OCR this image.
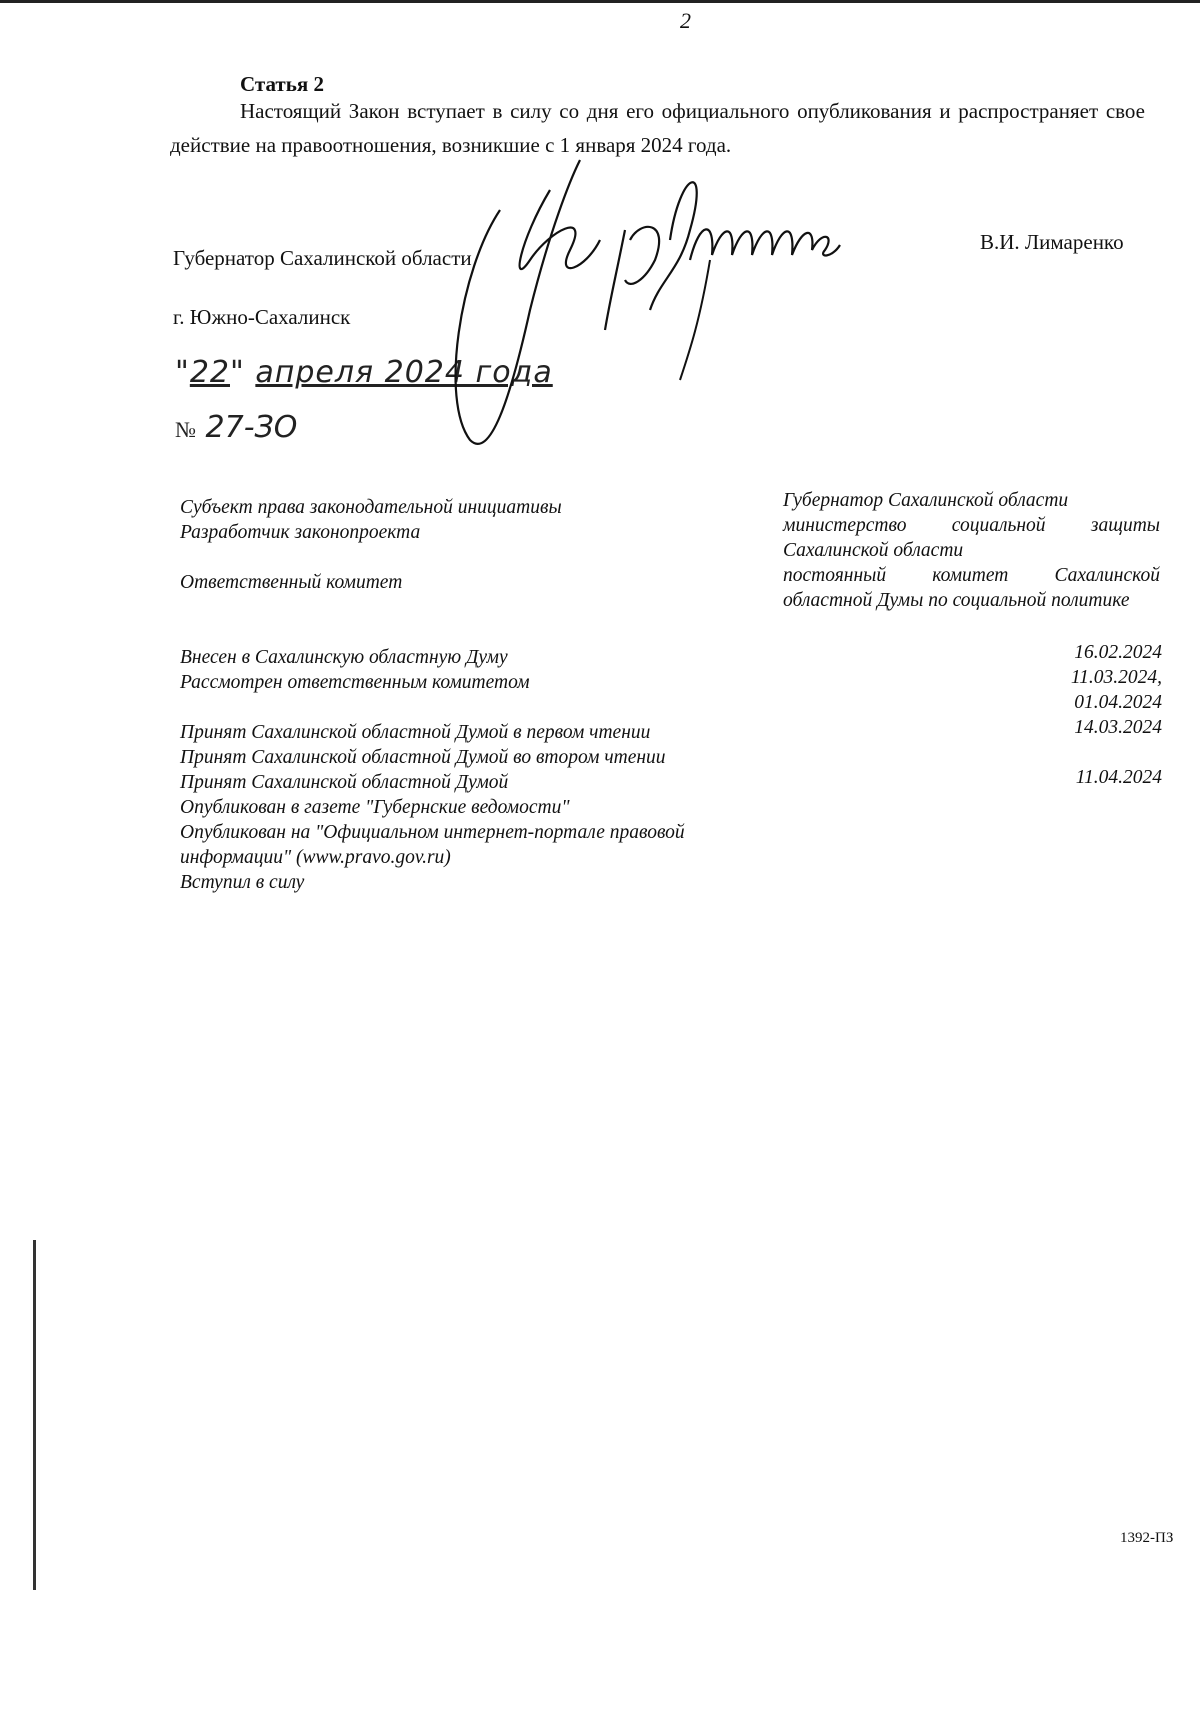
2
Статья 2
Настоящий Закон вступает в силу со дня его официального опубликования и распространяет свое действие на правоотношения, возникшие с 1 января 2024 года.
Губернатор Сахалинской области
В.И. Лимаренко
г. Южно-Сахалинск
"22" апреля 2024 года
№ 27-ЗО
Субъект права законодательной инициативы
Разработчик законопроекта
Ответственный комитет
Внесен в Сахалинскую областную Думу
Рассмотрен ответственным комитетом
Принят Сахалинской областной Думой в первом чтении
Принят Сахалинской областной Думой во втором чтении
Принят Сахалинской областной Думой
Опубликован в газете "Губернские ведомости"
Опубликован на "Официальном интернет-портале правовой
информации" (www.pravo.gov.ru)
Вступил в силу
Губернатор Сахалинской области
министерство социальной защиты Сахалинской области
постоянный комитет Сахалинской областной Думы по социальной политике
16.02.2024
11.03.2024,
01.04.2024
14.03.2024
11.04.2024
1392-ПЗ
